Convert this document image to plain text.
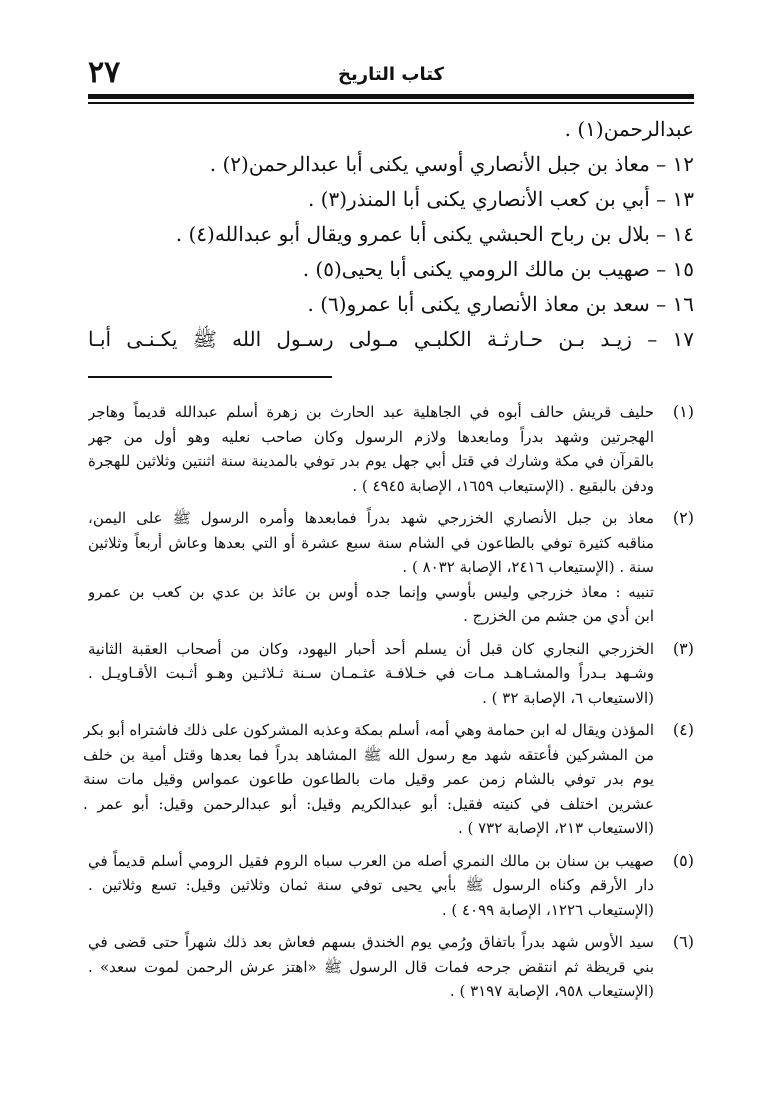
٢٧	كتاب التاريخ
عبدالرحمن(١) .
١٢ – معاذ بن جبل الأنصاري أوسي يكنى أبا عبدالرحمن(٢) .
١٣ – أبي بن كعب الأنصاري يكنى أبا المنذر(٣) .
١٤ – بلال بن رباح الحبشي يكنى أبا عمرو ويقال أبو عبدالله(٤) .
١٥ – صهيب بن مالك الرومي يكنى أبا يحيى(٥) .
١٦ – سعد بن معاذ الأنصاري يكنى أبا عمرو(٦) .
١٧ – زيـد بـن حـارثـة الكلبـي مـولى رسـول الله ﷺ يكـنـى أبـا
(١)
حليف قريش حالف أبوه في الجاهلية عبد الحارث بن زهرة أسلم عبدالله قديماً وهاجر
الهجرتين وشهد بدراً ومابعدها ولازم الرسول وكان صاحب نعليه وهو أول من جهر
بالقرآن في مكة وشارك في قتل أبي جهل يوم بدر توفي بالمدينة سنة اثنتين وثلاثين للهجرة
ودفن بالبقيع . (الإستيعاب ١٦٥٩، الإصابة ٤٩٤٥ ) .
(٢)
معاذ بن جبل الأنصاري الخزرجي شهد بدراً فمابعدها وأمره الرسول ﷺ على اليمن،
مناقبه كثيرة توفي بالطاعون في الشام سنة سبع عشرة أو التي بعدها وعاش أربعاً وثلاثين
سنة . (الإستيعاب ٢٤١٦، الإصابة ٨٠٣٢ ) .
تنبيه : معاذ خزرجي وليس بأوسي وإنما جده أوس بن عائذ بن عدي بن كعب بن عمرو
ابن أدي من جشم من الخزرج .
(٣)
الخزرجي النجاري كان قبل أن يسلم أحد أحبار اليهود، وكان من أصحاب العقبة الثانية
وشـهد بـدراً والمشـاهـد مـات في خـلافـة عثـمـان سـنة ثـلاثـين وهـو أثـبت الأقـاويـل .
(الاستيعاب ٦، الإصابة ٣٢ ) .
(٤)
المؤذن ويقال له ابن حمامة وهي أمه، أسلم بمكة وعذبه المشركون على ذلك فاشتراه أبو بكر
من المشركين فأعتقه شهد مع رسول الله ﷺ المشاهد بدراً فما بعدها وقتل أمية بن خلف
يوم بدر توفي بالشام زمن عمر وقيل مات بالطاعون طاعون عمواس وقيل مات سنة
عشرين اختلف في كنيته فقيل: أبو عبدالكريم وقيل: أبو عبدالرحمن وقيل: أبو عمر .
(الاستيعاب ٢١٣، الإصابة ٧٣٢ ) .
(٥)
صهيب بن سنان بن مالك النمري أصله من العرب سباه الروم فقيل الرومي أسلم قديماً في
دار الأرقم وكناه الرسول ﷺ بأبي يحيى توفي سنة ثمان وثلاثين وقيل: تسع وثلاثين .
(الإستيعاب ١٢٢٦، الإصابة ٤٠٩٩ ) .
(٦)
سيد الأوس شهد بدراً باتفاق ورُمي يوم الخندق بسهم فعاش بعد ذلك شهراً حتى قضى في
بني قريظة ثم انتقض جرحه فمات قال الرسول ﷺ «اهتز عرش الرحمن لموت سعد» .
(الإستيعاب ٩٥٨، الإصابة ٣١٩٧ ) .
